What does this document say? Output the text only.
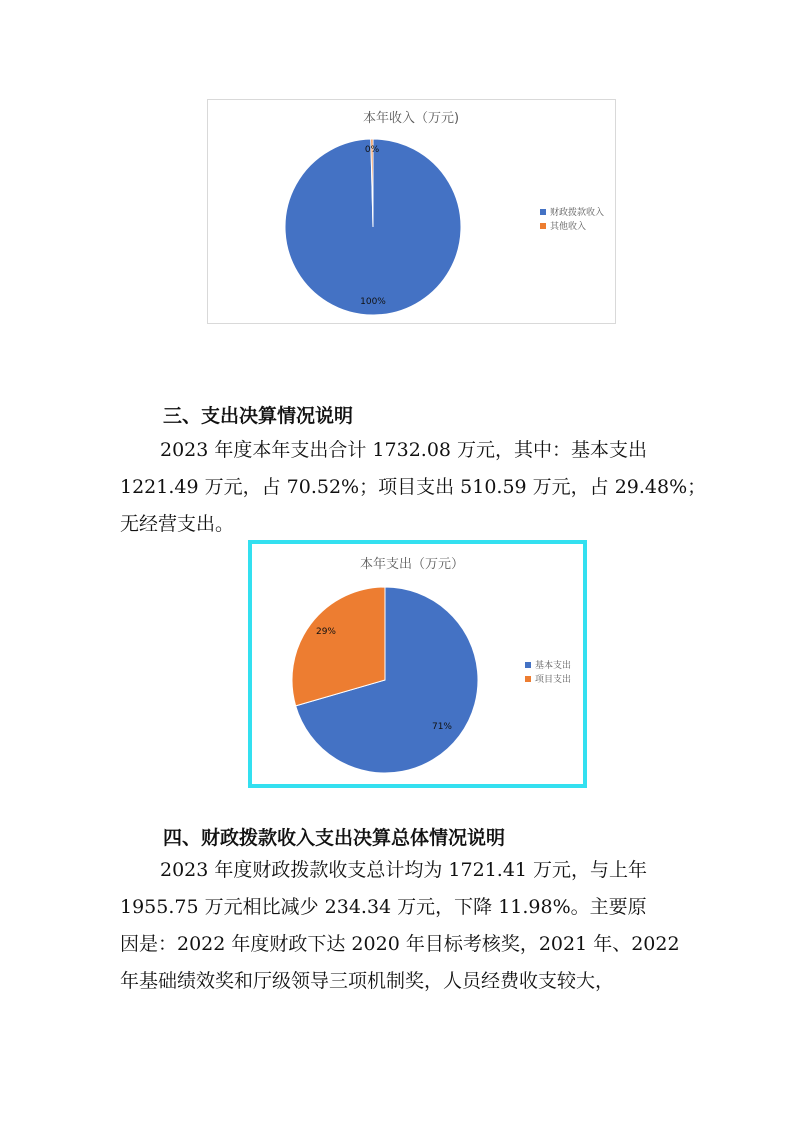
本年收入（万元)
100%
0%
财政拨款收入
其他收入
三、支出决算情况说明
2023 年度本年支出合计 1732.08 万元，其中：基本支出
1221.49 万元，占 70.52%；项目支出 510.59 万元，占 29.48%；
无经营支出。
本年支出（万元）
71%
29%
基本支出
项目支出
四、财政拨款收入支出决算总体情况说明
2023 年度财政拨款收支总计均为 1721.41 万元，与上年
1955.75 万元相比减少 234.34 万元，下降 11.98%。主要原
因是：2022 年度财政下达 2020 年目标考核奖，2021 年、2022
年基础绩效奖和厅级领导三项机制奖，人员经费收支较大，
